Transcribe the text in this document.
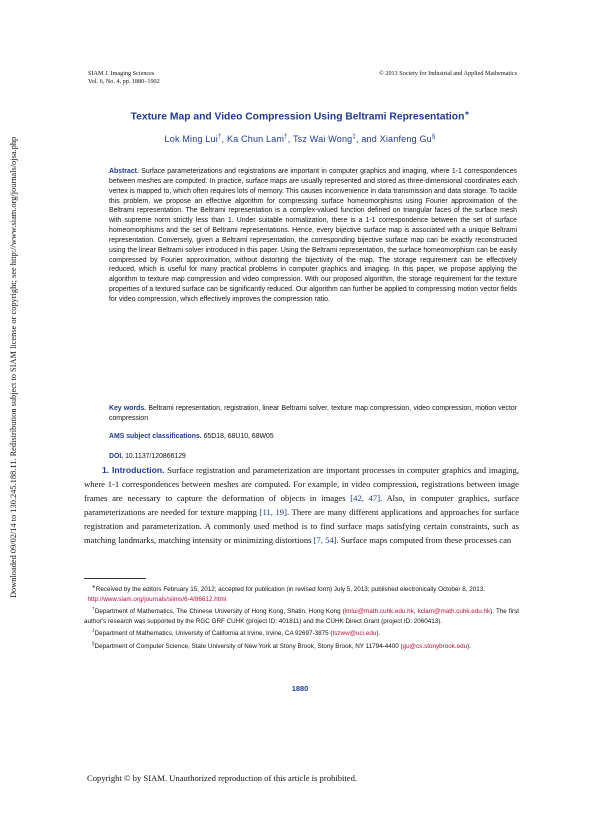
Downloaded 09/02/14 to 130.245.188.11. Redistribution subject to SIAM license or copyright; see http://www.siam.org/journals/ojsa.php
SIAM J. Imaging Sciences
Vol. 6, No. 4, pp. 1880–1902
© 2013 Society for Industrial and Applied Mathematics
Texture Map and Video Compression Using Beltrami Representation∗
Lok Ming Lui†, Ka Chun Lam†, Tsz Wai Wong‡, and Xianfeng Gu§
Abstract. Surface parameterizations and registrations are important in computer graphics and imaging, where 1-1 correspondences between meshes are computed. In practice, surface maps are usually represented and stored as three-dimensional coordinates each vertex is mapped to, which often requires lots of memory. This causes inconvenience in data transmission and data storage. To tackle this problem, we propose an effective algorithm for compressing surface homeomorphisms using Fourier approximation of the Beltrami representation. The Beltrami representation is a complex-valued function defined on triangular faces of the surface mesh with supreme norm strictly less than 1. Under suitable normalization, there is a 1-1 correspondence between the set of surface homeomorphisms and the set of Beltrami representations. Hence, every bijective surface map is associated with a unique Beltrami representation. Conversely, given a Beltrami representation, the corresponding bijective surface map can be exactly reconstructed using the linear Beltrami solver introduced in this paper. Using the Beltrami representation, the surface homeomorphism can be easily compressed by Fourier approximation, without distorting the bijectivity of the map. The storage requirement can be effectively reduced, which is useful for many practical problems in computer graphics and imaging. In this paper, we propose applying the algorithm to texture map compression and video compression. With our proposed algorithm, the storage requirement for the texture properties of a textured surface can be significantly reduced. Our algorithm can further be applied to compressing motion vector fields for video compression, which effectively improves the compression ratio.
Key words. Beltrami representation, registration, linear Beltrami solver, texture map compression, video compression, motion vector compression
AMS subject classifications. 65D18, 68U10, 68W05
DOI. 10.1137/120866129

1. Introduction. Surface registration and parameterization are important processes in computer graphics and imaging, where 1-1 correspondences between meshes are computed. For example, in video compression, registrations between image frames are necessary to capture the deformation of objects in images [42, 47]. Also, in computer graphics, surface parameterizations are needed for texture mapping [11, 19]. There are many different applications and approaches for surface registration and parameterization. A commonly used method is to find surface maps satisfying certain constraints, such as matching landmarks, matching intensity or minimizing distortions [7, 54]. Surface maps computed from these processes can

∗Received by the editors February 15, 2012; accepted for publication (in revised form) July 5, 2013; published electronically October 8, 2013.
http://www.siam.org/journals/siims/6-4/86612.html

†Department of Mathematics, The Chinese University of Hong Kong, Shatin, Hong Kong (lmlui@math.cuhk.edu.hk, kclam@math.cuhk.edu.hk). The first author's research was supported by the RGC GRF CUHK (project ID: 401811) and the CUHK Direct Grant (project ID: 2060413).

‡Department of Mathematics, University of California at Irvine, Irvine, CA 92697-3875 (tszww@uci.edu).

§Department of Computer Science, State University of New York at Stony Brook, Stony Brook, NY 11794-4400 (gu@cs.stonybrook.edu).

1880
Copyright © by SIAM. Unauthorized reproduction of this article is prohibited.
